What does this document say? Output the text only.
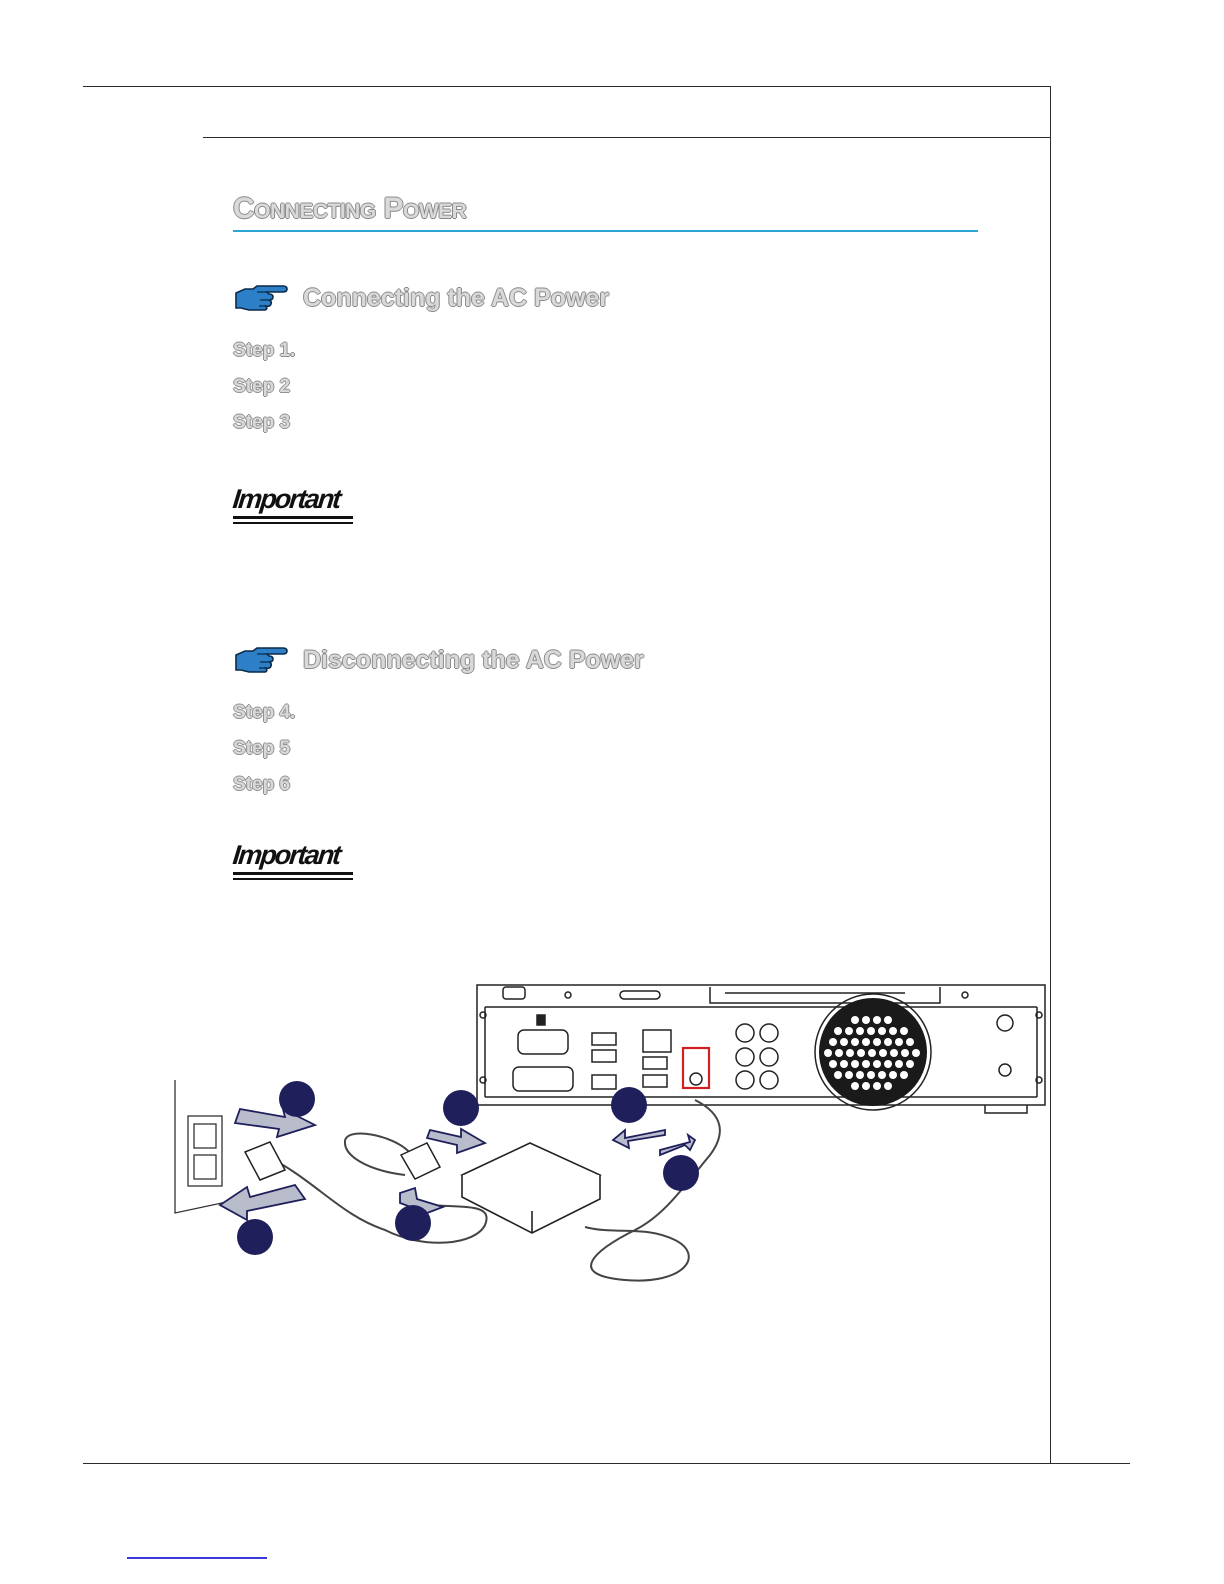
Connecting Power
Connecting the AC Power
Step 1.
Step 2
Step 3
Important
Disconnecting the AC Power
Step 4.
Step 5
Step 6
Important
